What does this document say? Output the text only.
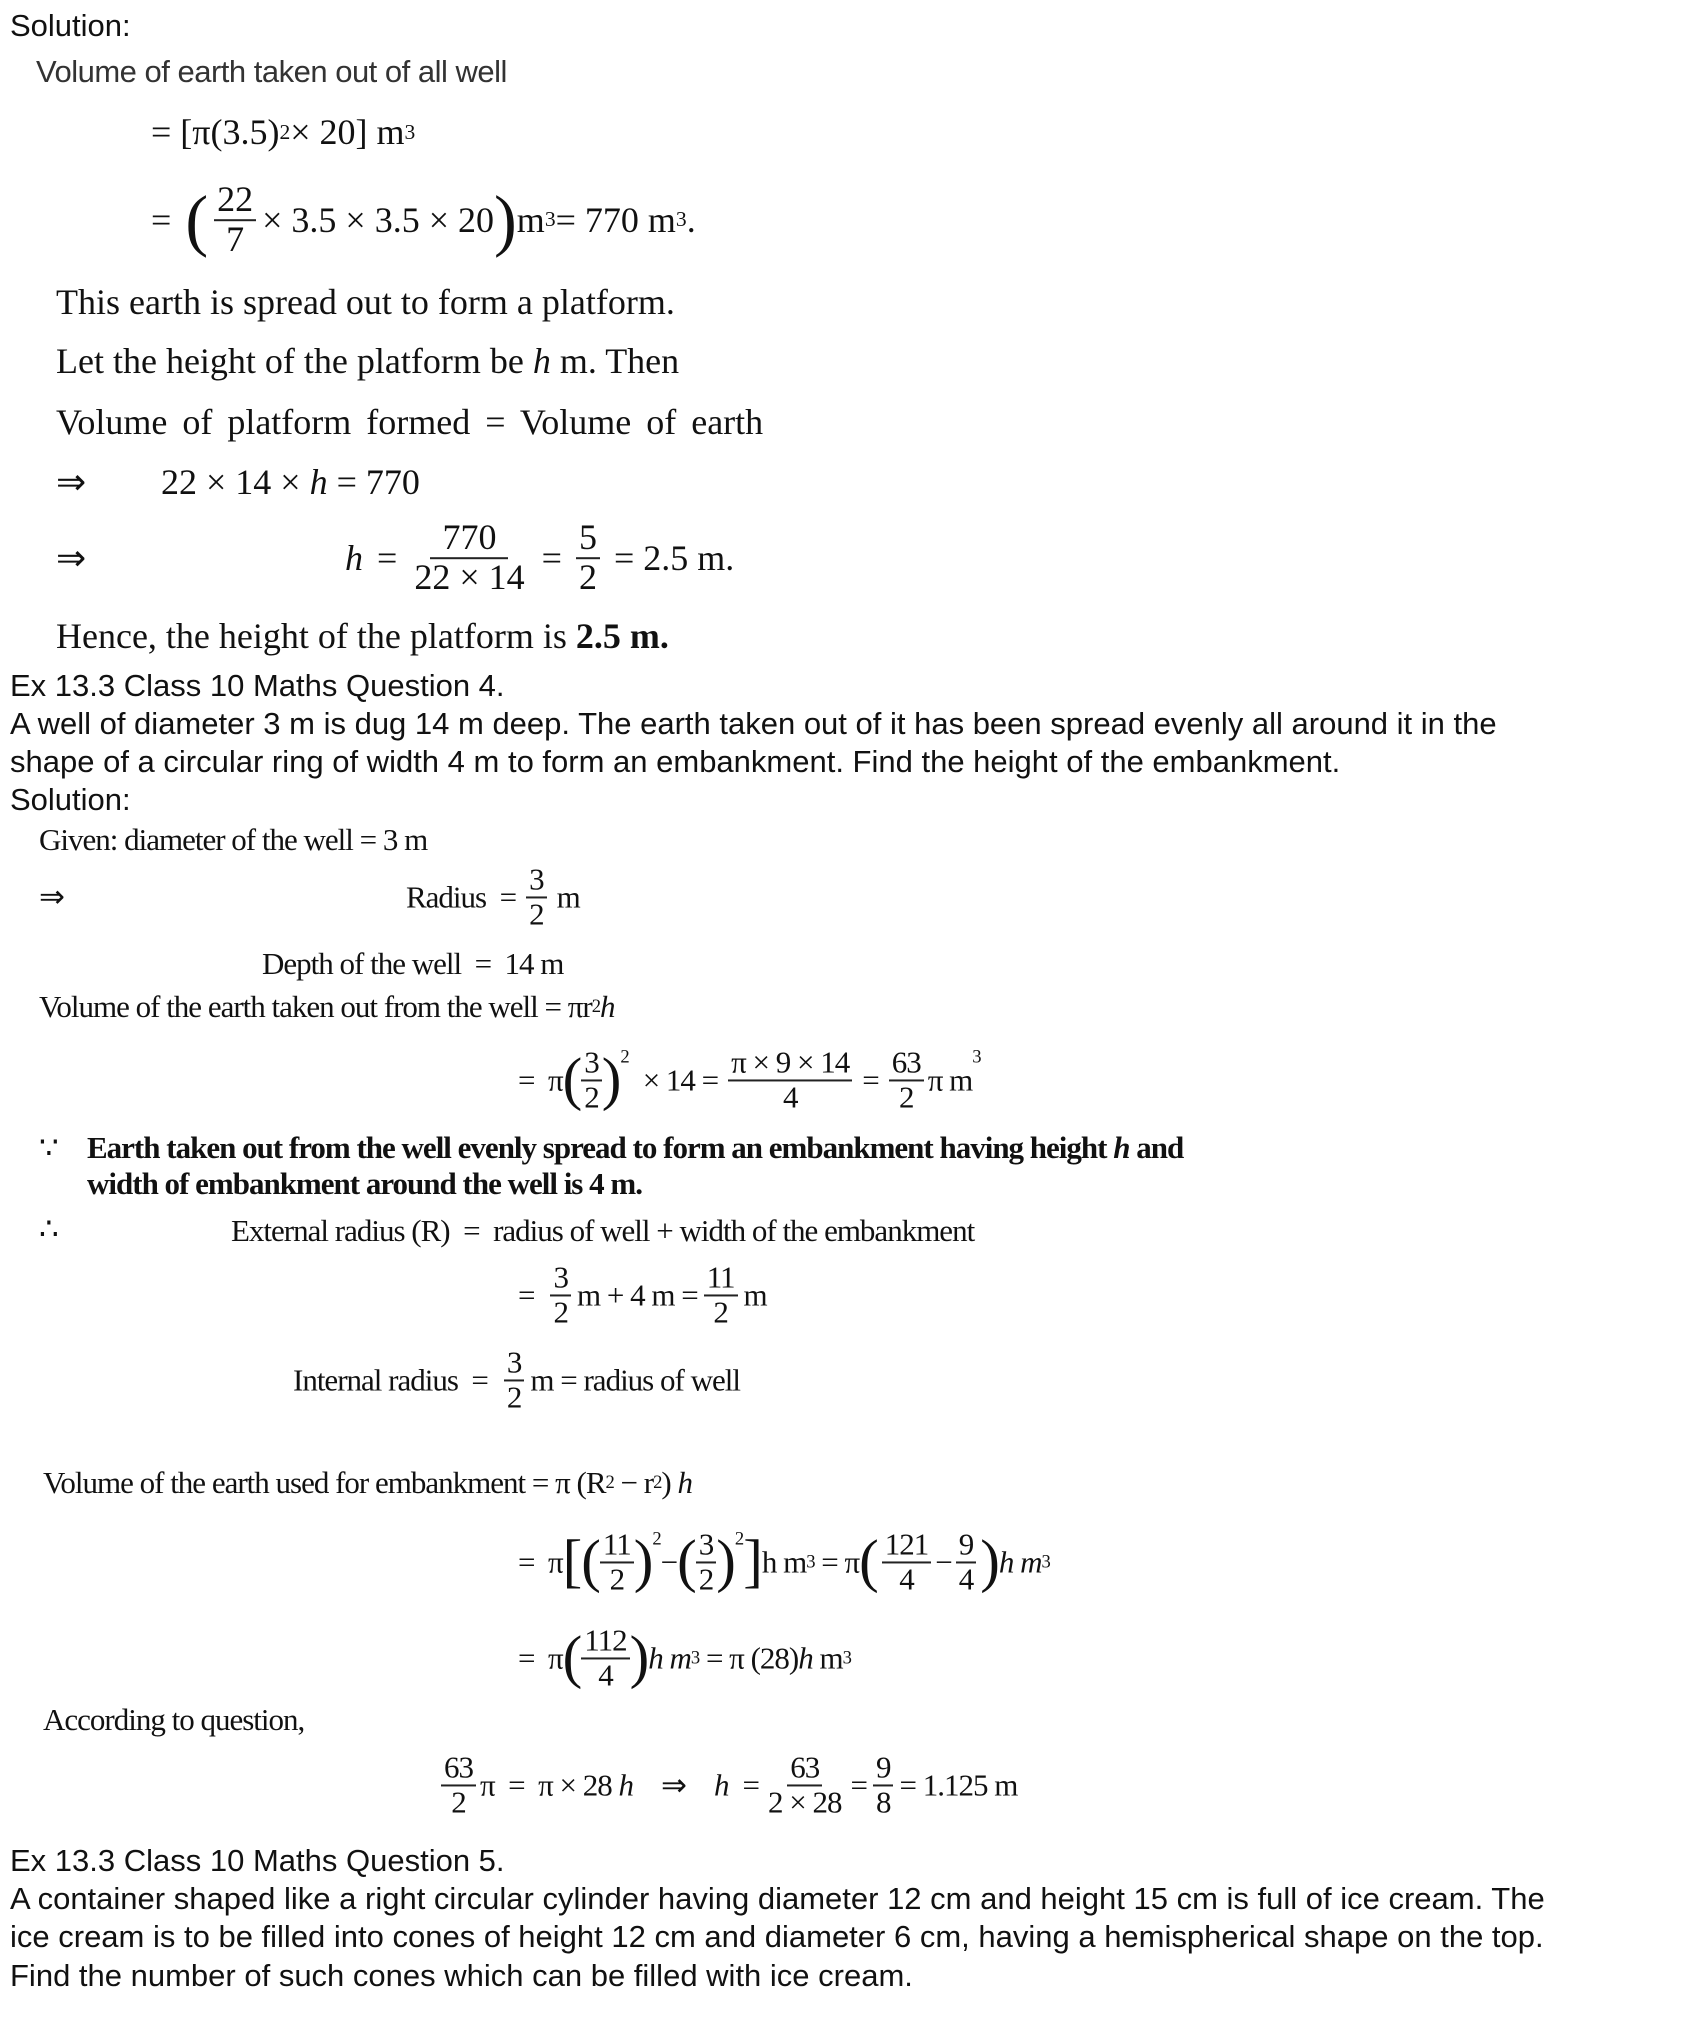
Solution:
Volume of earth taken out of all well
= [π(3.5) 2 × 20] m 3
= ( $\frac{22}{7} \times 3.5 \times 3.5 \times 20$ ) m 3 = 770 m 3 .
This earth is spread out to form a platform.
Let the height of the platform be h m. Then
Volume of platform formed = Volume of earth
⇒ 22 × 14 × h = 770
⇒	$h = \frac{770}{22 \times 14} = \frac{5}{2} = 2.5$ m.
Hence, the height of the platform is 2.5 m.
Ex 13.3 Class 10 Maths Question 4.
A well of diameter 3 m is dug 14 m deep. The earth taken out of it has been spread evenly all around it in the
shape of a circular ring of width 4 m to form an embankment. Find the height of the embankment.
Solution:
Given: diameter of the well = 3 m
⇒	Radius  = $\frac{3}{2}$ m
Depth of the well  =  14 m
Volume of the earth taken out from the well = πr 2 h
=  π ( $\frac{3}{2} )^2$
× $14 = \frac{\pi \times 9 \times 14}{4} = \frac{63}{2}$ π m
$^3$
∵ Earth taken out from the well evenly spread to form an embankment having height h and
width of embankment around the well is 4 m.
∴	External radius (R)  =  radius of well + width of the embankment
= $\frac{3}{2}$ m + 4 $m = \frac{11}{2}$ m
Internal radius  = $\frac{3}{2}$ m = radius of well
Volume of the earth used for embankment = π (R 2 − r 2 ) h
=  π [ ( $\frac{11}{2} )^2$
− ( $\frac{3}{2} )^2$ ] h m 3 = π ( $\frac{121}{4} - \frac{9}{4}$ ) h m 3
=  π ( $\frac{112}{4}$ ) h m 3 = π (28) h m 3
According to question,
$\frac{63}{2}$ π  =  π × 28 h ⇒ $h = \frac{63}{2 \times 28} = \frac{9}{8} = 1.125$ m
Ex 13.3 Class 10 Maths Question 5.
A container shaped like a right circular cylinder having diameter 12 cm and height 15 cm is full of ice cream. The
ice cream is to be filled into cones of height 12 cm and diameter 6 cm, having a hemispherical shape on the top.
Find the number of such cones which can be filled with ice cream.
